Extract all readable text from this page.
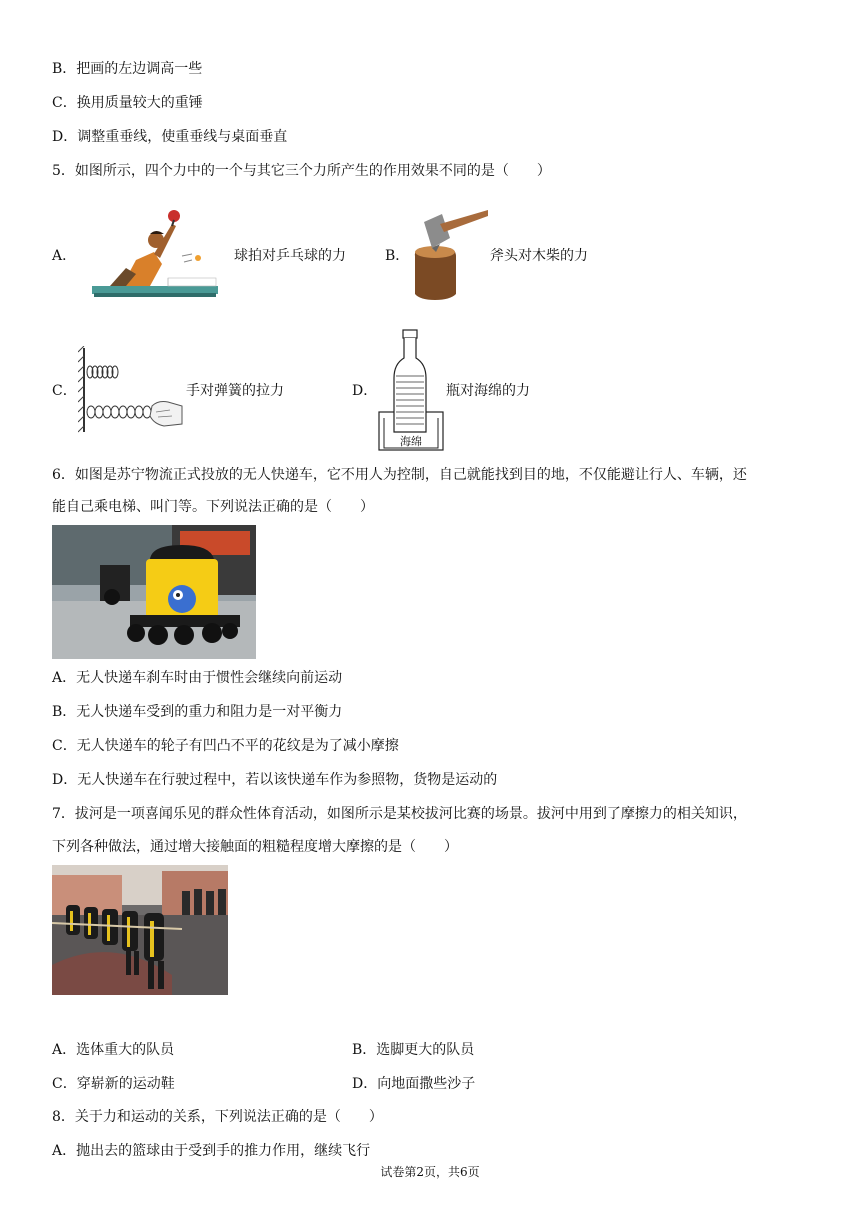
B．把画的左边调高一些
C．换用质量较大的重锤
D．调整重垂线，使重垂线与桌面垂直
5．如图所示，四个力中的一个与其它三个力所产生的作用效果不同的是（　　）
A．	球拍对乒乓球的力	B．	斧头对木柴的力
C．	手对弹簧的拉力	D．
海绵
瓶对海绵的力
6．如图是苏宁物流正式投放的无人快递车，它不用人为控制，自己就能找到目的地，不仅能避让行人、车辆，还
能自己乘电梯、叫门等。下列说法正确的是（　　）
A．无人快递车刹车时由于惯性会继续向前运动
B．无人快递车受到的重力和阻力是一对平衡力
C．无人快递车的轮子有凹凸不平的花纹是为了减小摩擦
D．无人快递车在行驶过程中，若以该快递车作为参照物，货物是运动的
7．拔河是一项喜闻乐见的群众性体育活动，如图所示是某校拔河比赛的场景。拔河中用到了摩擦力的相关知识，
下列各种做法，通过增大接触面的粗糙程度增大摩擦的是（　　）
A．选体重大的队员	B．选脚更大的队员
C．穿崭新的运动鞋	D．向地面撒些沙子
8．关于力和运动的关系，下列说法正确的是（　　）
A．抛出去的篮球由于受到手的推力作用，继续飞行
试卷第2页，共6页
